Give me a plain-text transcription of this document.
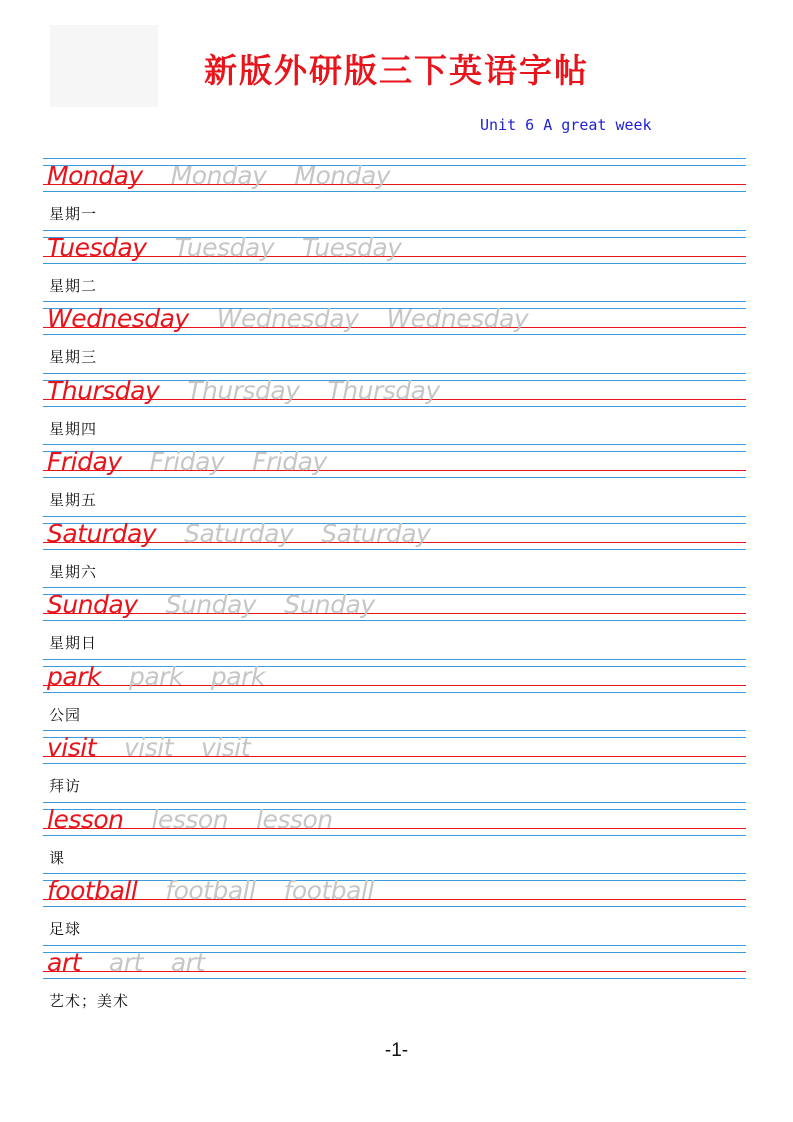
新版外研版三下英语字帖
Unit 6 A great week
Monday Monday Monday
星期一
Tuesday Tuesday Tuesday
星期二
Wednesday Wednesday Wednesday
星期三
Thursday Thursday Thursday
星期四
Friday Friday Friday
星期五
Saturday Saturday Saturday
星期六
Sunday Sunday Sunday
星期日
park park park
公园
visit visit visit
拜访
lesson lesson lesson
课
football football football
足球
art art art
艺术；美术
-1-
